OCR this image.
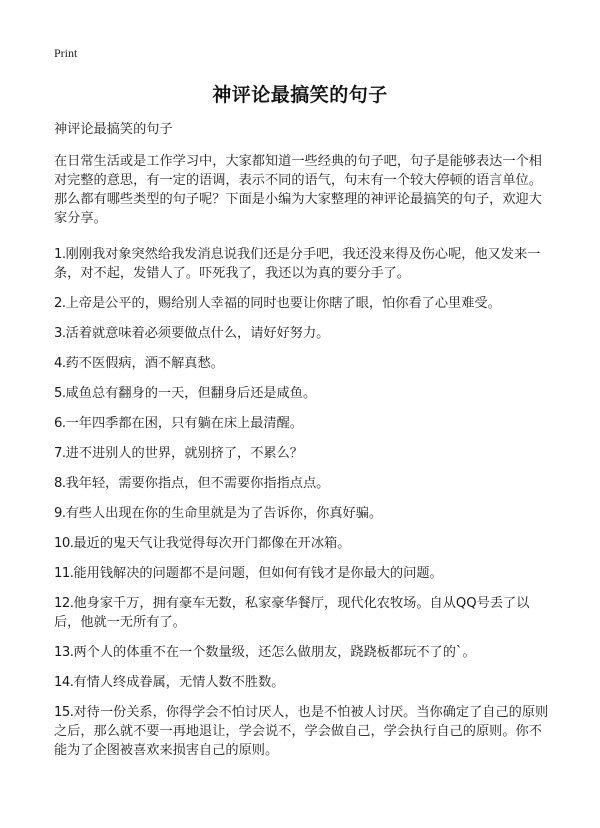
Print
神评论最搞笑的句子

神评论最搞笑的句子

在日常生活或是工作学习中，大家都知道一些经典的句子吧，句子是能够表达一个相对完整的意思，有一定的语调，表示不同的语气，句末有一个较大停顿的语言单位。那么都有哪些类型的句子呢？下面是小编为大家整理的神评论最搞笑的句子，欢迎大家分享。

1.刚刚我对象突然给我发消息说我们还是分手吧，我还没来得及伤心呢，他又发来一条，对不起，发错人了。吓死我了，我还以为真的要分手了。

2.上帝是公平的，赐给别人幸福的同时也要让你瞎了眼，怕你看了心里难受。

3.活着就意味着必须要做点什么，请好好努力。

4.药不医假病，酒不解真愁。

5.咸鱼总有翻身的一天，但翻身后还是咸鱼。

6.一年四季都在困，只有躺在床上最清醒。

7.进不进别人的世界，就别挤了，不累么？

8.我年轻，需要你指点，但不需要你指指点点。

9.有些人出现在你的生命里就是为了告诉你，你真好骗。

10.最近的鬼天气让我觉得每次开门都像在开冰箱。

11.能用钱解决的问题都不是问题，但如何有钱才是你最大的问题。

12.他身家千万，拥有豪车无数，私家豪华餐厅，现代化农牧场。自从QQ号丢了以后，他就一无所有了。

13.两个人的体重不在一个数量级，还怎么做朋友，跷跷板都玩不了的`。

14.有情人终成眷属，无情人数不胜数。

15.对待一份关系，你得学会不怕讨厌人，也是不怕被人讨厌。当你确定了自己的原则之后，那么就不要一再地退让，学会说不，学会做自己，学会执行自己的原则。你不能为了企图被喜欢来损害自己的原则。
